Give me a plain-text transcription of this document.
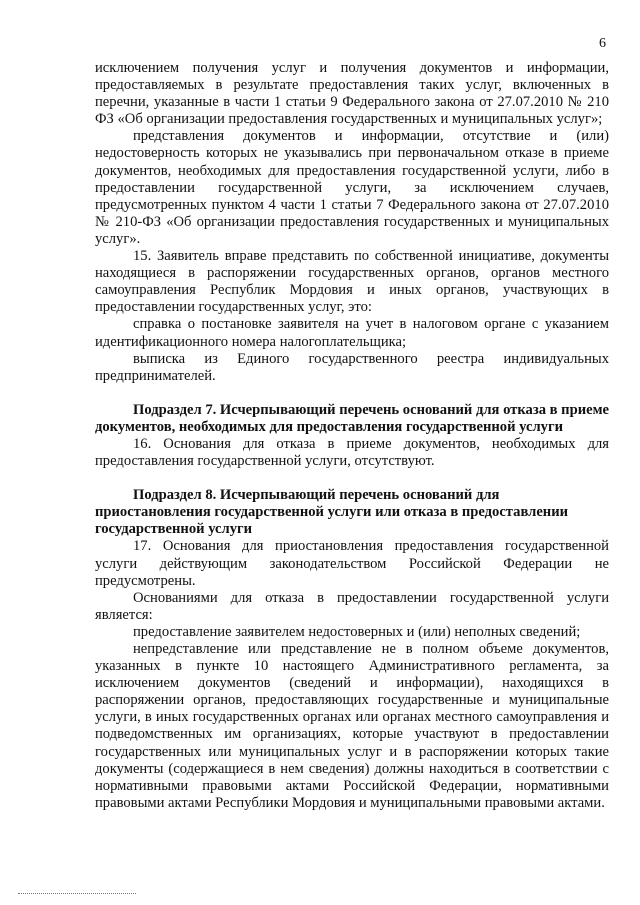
6

исключением получения услуг и получения документов и информации, предоставляемых в результате предоставления таких услуг, включенных в перечни, указанные в части 1 статьи 9 Федерального закона от 27.07.2010 № 210 ФЗ «Об организации предоставления государственных и муниципальных услуг»;

представления документов и информации, отсутствие и (или) недостоверность которых не указывались при первоначальном отказе в приеме документов, необходимых для предоставления государственной услуги, либо в предоставлении государственной услуги, за исключением случаев, предусмотренных пунктом 4 части 1 статьи 7 Федерального закона от 27.07.2010 № 210-ФЗ «Об организации предоставления государственных и муниципальных услуг».

15. Заявитель вправе представить по собственной инициативе, документы находящиеся в распоряжении государственных органов, органов местного самоуправления Республик Мордовия и иных органов, участвующих в предоставлении государственных услуг, это:

справка о постановке заявителя на учет в налоговом органе с указанием идентификационного номера налогоплательщика;

выписка из Единого государственного реестра индивидуальных предпринимателей.

Подраздел 7. Исчерпывающий перечень оснований для отказа в приеме документов, необходимых для предоставления государственной услуги

16. Основания для отказа в приеме документов, необходимых для предоставления государственной услуги, отсутствуют.

Подраздел 8. Исчерпывающий перечень оснований для приостановления государственной услуги или отказа в предоставлении государственной услуги

17. Основания для приостановления предоставления государственной услуги действующим законодательством Российской Федерации не предусмотрены.

Основаниями для отказа в предоставлении государственной услуги является:

предоставление заявителем недостоверных и (или) неполных сведений;

непредставление или представление не в полном объеме документов, указанных в пункте 10 настоящего Административного регламента, за исключением документов (сведений и информации), находящихся в распоряжении органов, предоставляющих государственные и муниципальные услуги, в иных государственных органах или органах местного самоуправления и подведомственных им организациях, которые участвуют в предоставлении государственных или муниципальных услуг и в распоряжении которых такие документы (содержащиеся в нем сведения) должны находиться в соответствии с нормативными правовыми актами Российской Федерации, нормативными правовыми актами Республики Мордовия и муниципальными правовыми актами.
